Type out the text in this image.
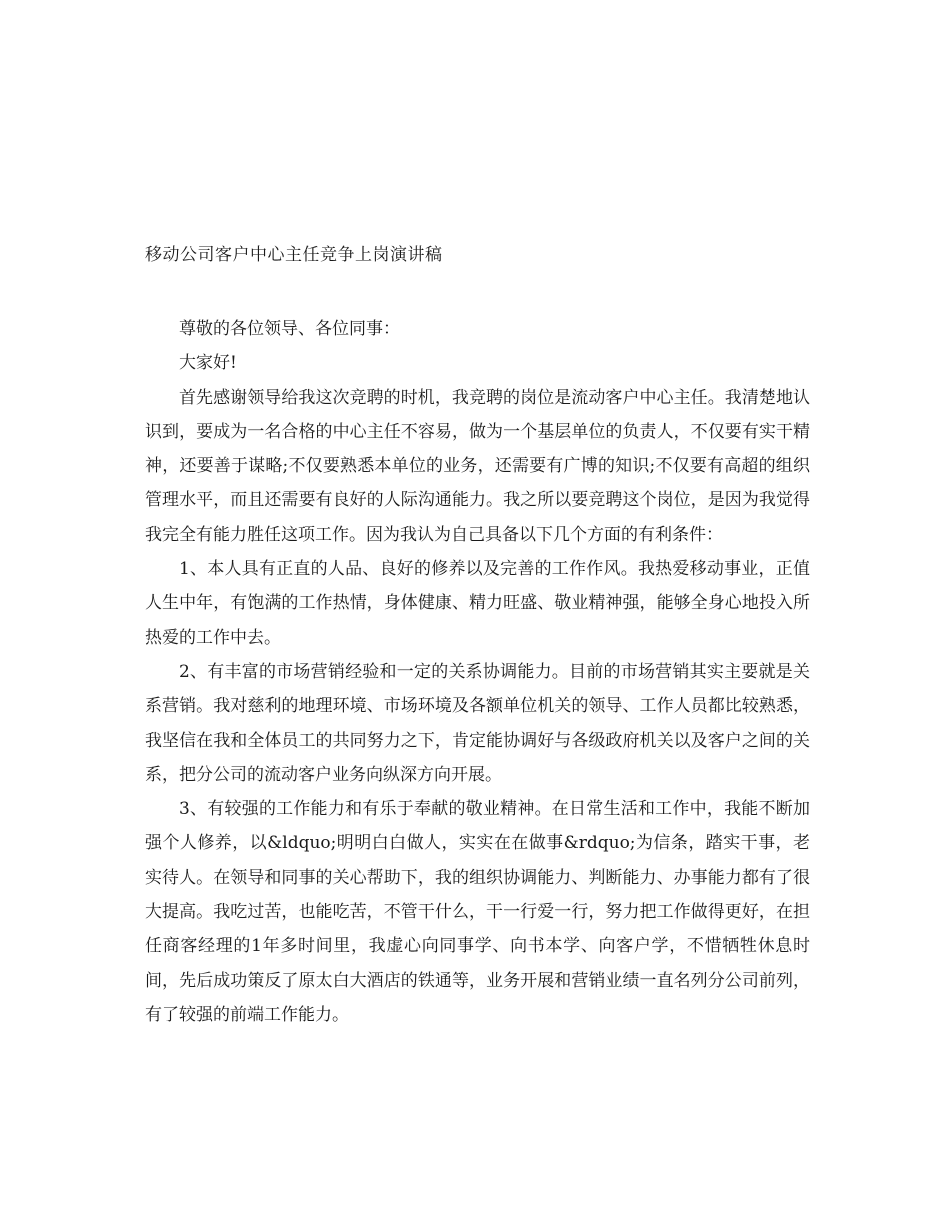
移动公司客户中心主任竞争上岗演讲稿

尊敬的各位领导、各位同事：

大家好!

首先感谢领导给我这次竞聘的时机，我竞聘的岗位是流动客户中心主任。我清楚地认识到，要成为一名合格的中心主任不容易，做为一个基层单位的负责人，不仅要有实干精神，还要善于谋略;不仅要熟悉本单位的业务，还需要有广博的知识;不仅要有高超的组织管理水平，而且还需要有良好的人际沟通能力。我之所以要竞聘这个岗位，是因为我觉得我完全有能力胜任这项工作。因为我认为自己具备以下几个方面的有利条件：

1、本人具有正直的人品、良好的修养以及完善的工作作风。我热爱移动事业，正值人生中年，有饱满的工作热情，身体健康、精力旺盛、敬业精神强，能够全身心地投入所热爱的工作中去。

2、有丰富的市场营销经验和一定的关系协调能力。目前的市场营销其实主要就是关系营销。我对慈利的地理环境、市场环境及各额单位机关的领导、工作人员都比较熟悉，我坚信在我和全体员工的共同努力之下，肯定能协调好与各级政府机关以及客户之间的关系，把分公司的流动客户业务向纵深方向开展。

3、有较强的工作能力和有乐于奉献的敬业精神。在日常生活和工作中，我能不断加强个人修养，以&ldquo;明明白白做人，实实在在做事&rdquo;为信条，踏实干事，老实待人。在领导和同事的关心帮助下，我的组织协调能力、判断能力、办事能力都有了很大提高。我吃过苦，也能吃苦，不管干什么，干一行爱一行，努力把工作做得更好，在担任商客经理的1年多时间里，我虚心向同事学、向书本学、向客户学，不惜牺牲休息时间，先后成功策反了原太白大酒店的铁通等，业务开展和营销业绩一直名列分公司前列，有了较强的前端工作能力。
